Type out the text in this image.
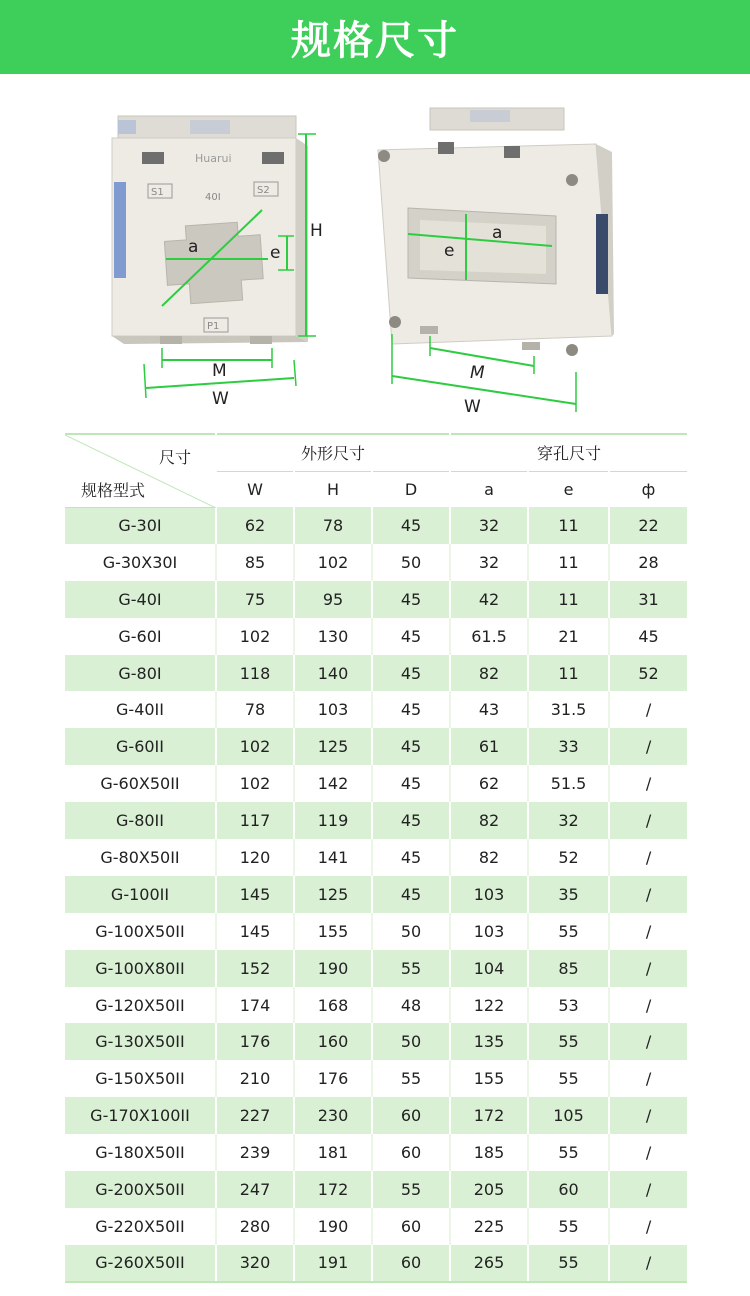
规格尺寸
Huarui
S1	S2
40I
P1
a	e
H
M
W
a
e
M
W
尺寸
规格型式	外形尺寸			穿孔尺寸		
	W	H	D	a	e	ф
G-30I	62	78	45	32	11	22
G-30X30I	85	102	50	32	11	28
G-40I	75	95	45	42	11	31
G-60I	102	130	45	61.5	21	45
G-80I	118	140	45	82	11	52
G-40II	78	103	45	43	31.5	/
G-60II	102	125	45	61	33	/
G-60X50II	102	142	45	62	51.5	/
G-80II	117	119	45	82	32	/
G-80X50II	120	141	45	82	52	/
G-100II	145	125	45	103	35	/
G-100X50II	145	155	50	103	55	/
G-100X80II	152	190	55	104	85	/
G-120X50II	174	168	48	122	53	/
G-130X50II	176	160	50	135	55	/
G-150X50II	210	176	55	155	55	/
G-170X100II	227	230	60	172	105	/
G-180X50II	239	181	60	185	55	/
G-200X50II	247	172	55	205	60	/
G-220X50II	280	190	60	225	55	/
G-260X50II	320	191	60	265	55	/
